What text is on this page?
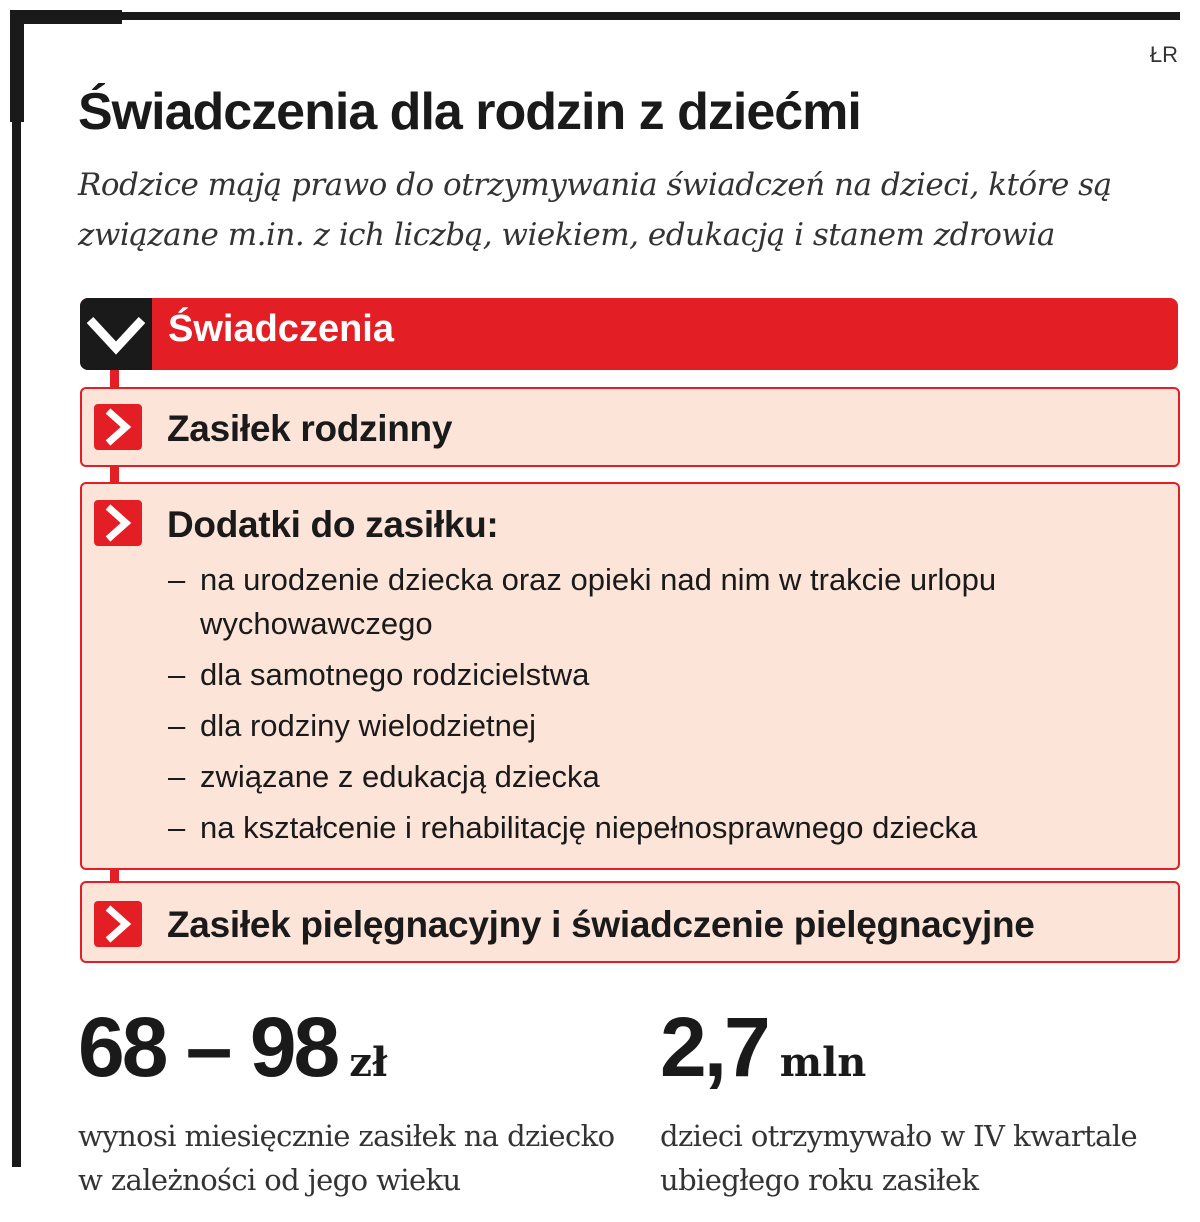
ŁR
Świadczenia dla rodzin z dziećmi

Rodzice mają prawo do otrzymywania świadczeń na dzieci, które są związane m.in. z ich liczbą, wiekiem, edukacją i stanem zdrowia

Świadczenia
Zasiłek rodzinny
Dodatki do zasiłku:
– na urodzenie dziecka oraz opieki nad nim w trakcie urlopu wychowawczego
– dla samotnego rodzicielstwa
– dla rodziny wielodzietnej
– związane z edukacją dziecka
– na kształcenie i rehabilitację niepełnosprawnego dziecka
Zasiłek pielęgnacyjny i świadczenie pielęgnacyjne
68 – 98 zł
wynosi miesięcznie zasiłek na dziecko w zależności od jego wieku
2,7 mln
dzieci otrzymywało w IV kwartale ubiegłego roku zasiłek
